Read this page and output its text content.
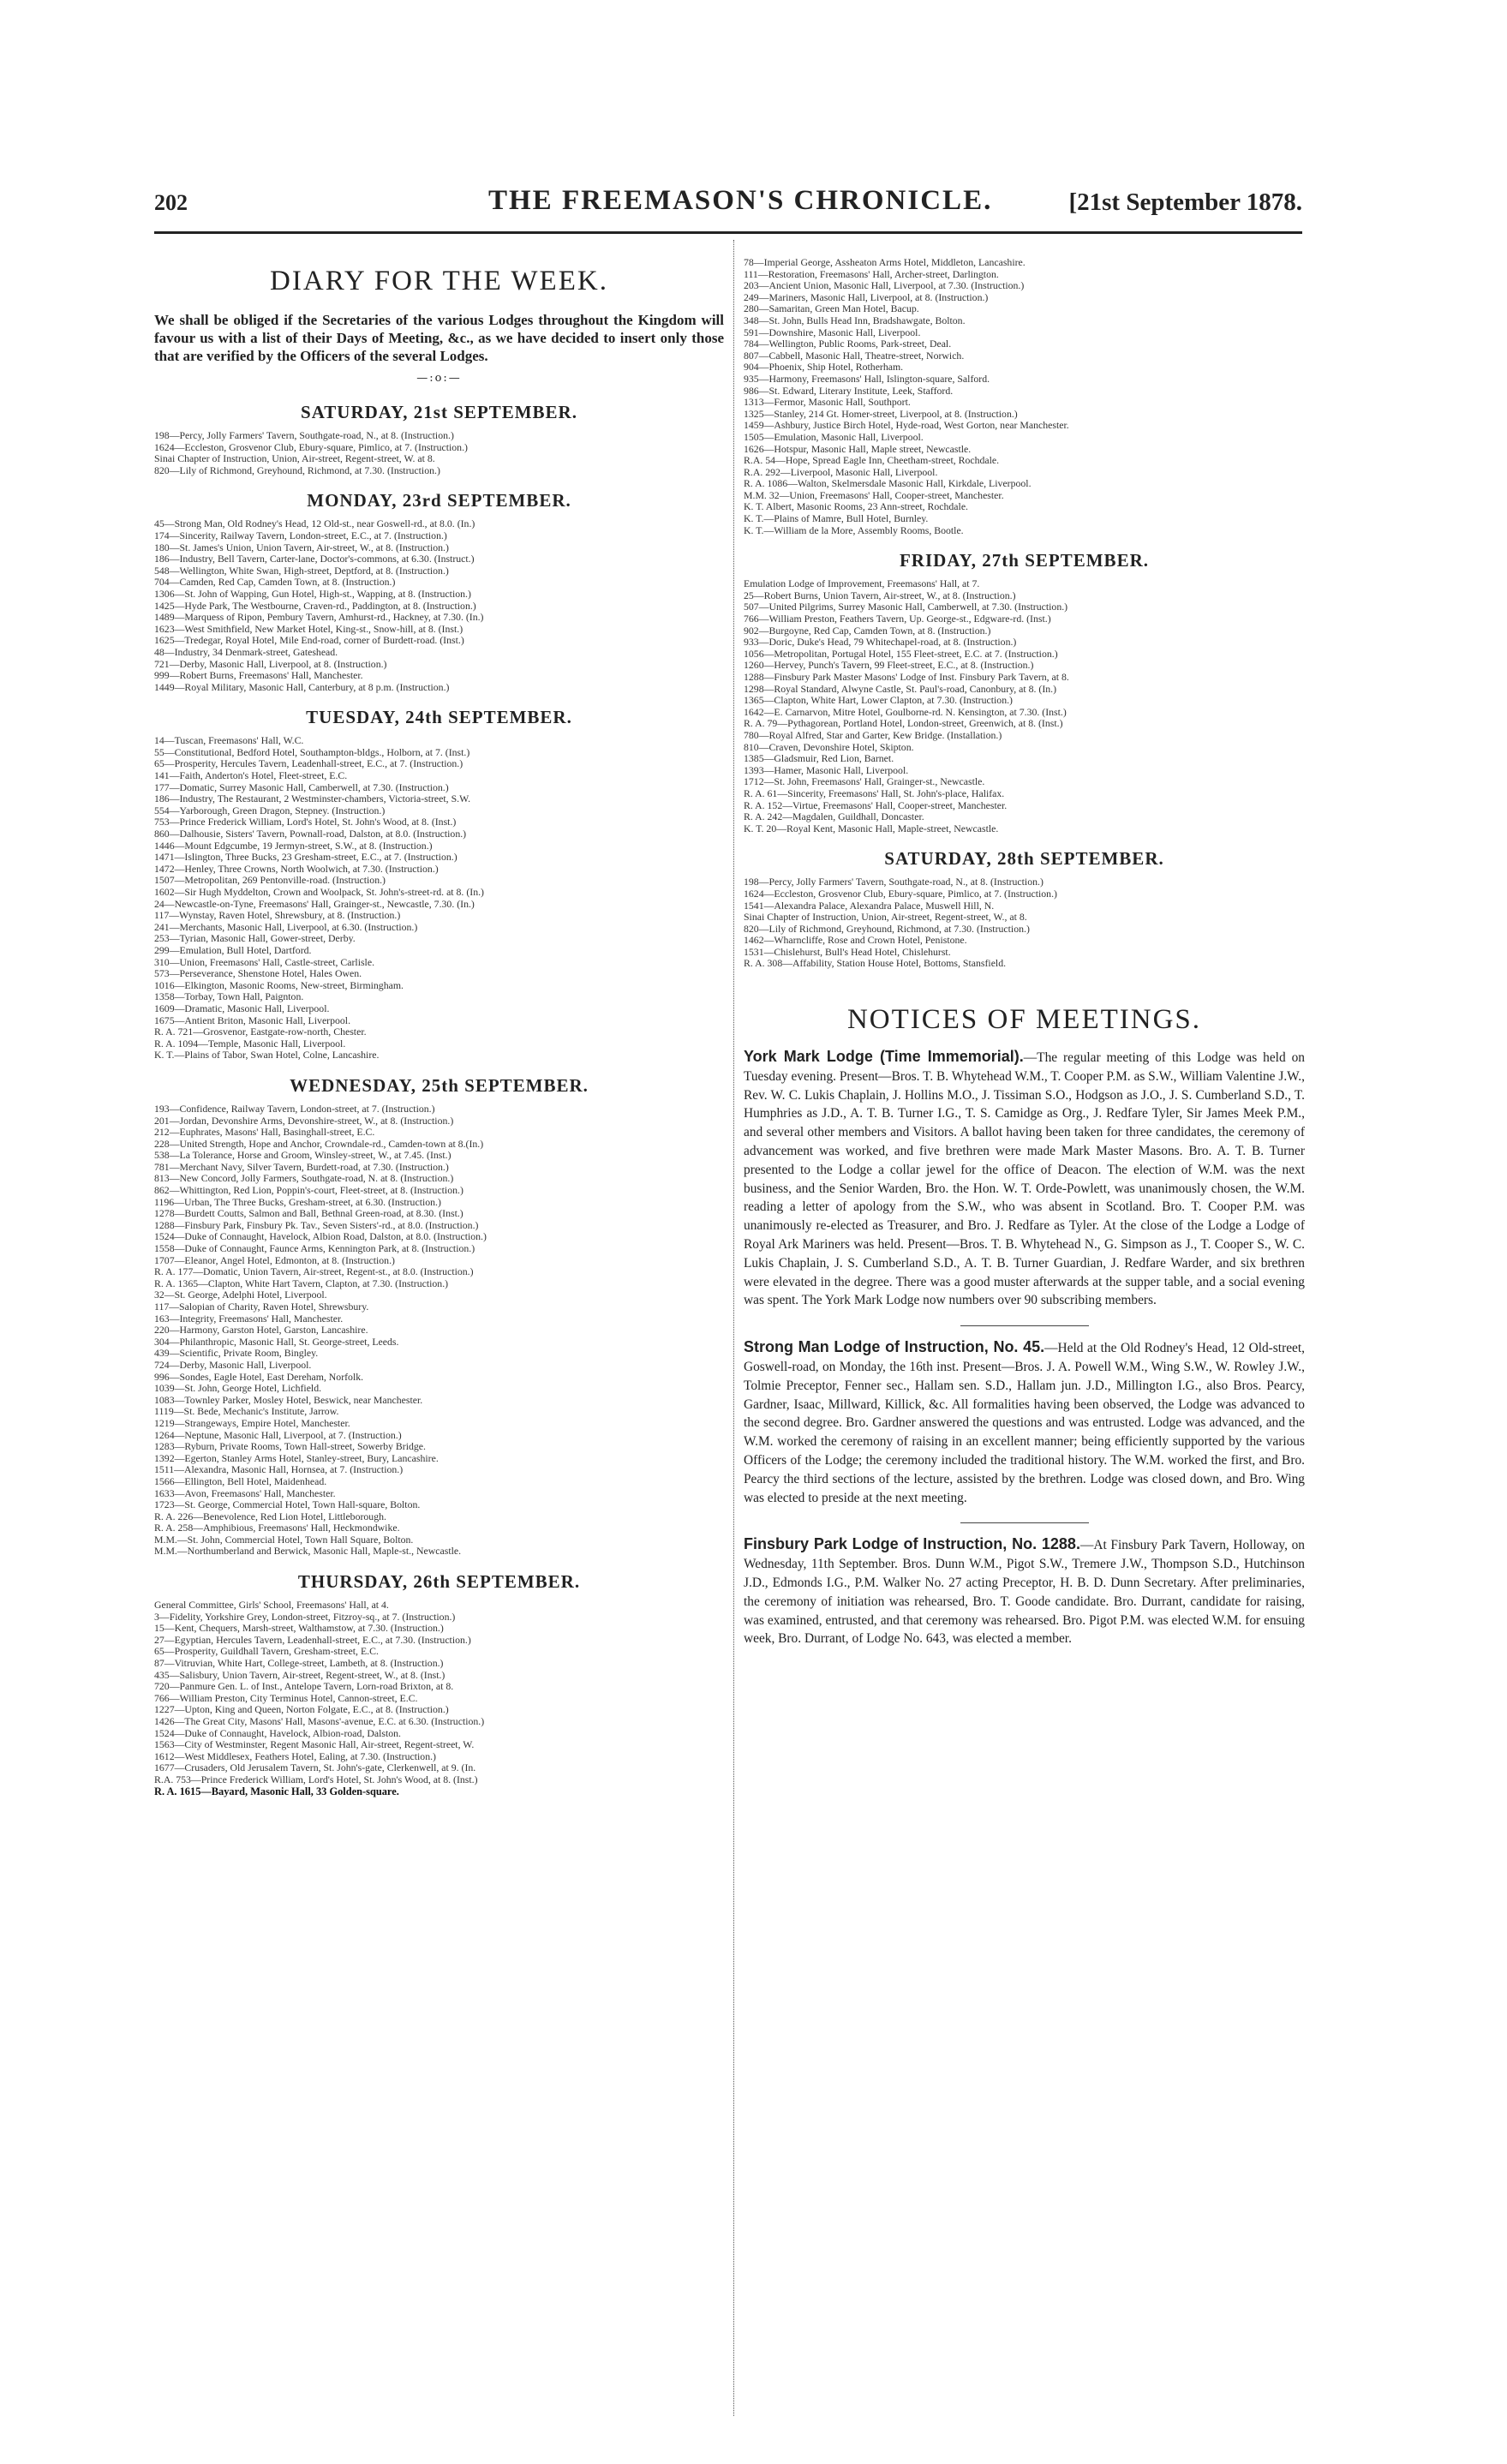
202	THE FREEMASON'S CHRONICLE.	[21st September 1878.
DIARY FOR THE WEEK.

We shall be obliged if the Secretaries of the various Lodges throughout the Kingdom will favour us with a list of their Days of Meeting, &c., as we have decided to insert only those that are verified by the Officers of the several Lodges.

—:o:—
SATURDAY, 21st SEPTEMBER.
198—Percy, Jolly Farmers' Tavern, Southgate-road, N., at 8. (Instruction.)
1624—Eccleston, Grosvenor Club, Ebury-square, Pimlico, at 7. (Instruction.)
Sinai Chapter of Instruction, Union, Air-street, Regent-street, W. at 8.
820—Lily of Richmond, Greyhound, Richmond, at 7.30. (Instruction.)
MONDAY, 23rd SEPTEMBER.
45—Strong Man, Old Rodney's Head, 12 Old-st., near Goswell-rd., at 8.0. (In.)
174—Sincerity, Railway Tavern, London-street, E.C., at 7. (Instruction.)
180—St. James's Union, Union Tavern, Air-street, W., at 8. (Instruction.)
186—Industry, Bell Tavern, Carter-lane, Doctor's-commons, at 6.30. (Instruct.)
548—Wellington, White Swan, High-street, Deptford, at 8. (Instruction.)
704—Camden, Red Cap, Camden Town, at 8. (Instruction.)
1306—St. John of Wapping, Gun Hotel, High-st., Wapping, at 8. (Instruction.)
1425—Hyde Park, The Westbourne, Craven-rd., Paddington, at 8. (Instruction.)
1489—Marquess of Ripon, Pembury Tavern, Amhurst-rd., Hackney, at 7.30. (In.)
1623—West Smithfield, New Market Hotel, King-st., Snow-hill, at 8. (Inst.)
1625—Tredegar, Royal Hotel, Mile End-road, corner of Burdett-road. (Inst.)
48—Industry, 34 Denmark-street, Gateshead.
721—Derby, Masonic Hall, Liverpool, at 8. (Instruction.)
999—Robert Burns, Freemasons' Hall, Manchester.
1449—Royal Military, Masonic Hall, Canterbury, at 8 p.m. (Instruction.)
TUESDAY, 24th SEPTEMBER.
14—Tuscan, Freemasons' Hall, W.C.
55—Constitutional, Bedford Hotel, Southampton-bldgs., Holborn, at 7. (Inst.)
65—Prosperity, Hercules Tavern, Leadenhall-street, E.C., at 7. (Instruction.)
141—Faith, Anderton's Hotel, Fleet-street, E.C.
177—Domatic, Surrey Masonic Hall, Camberwell, at 7.30. (Instruction.)
186—Industry, The Restaurant, 2 Westminster-chambers, Victoria-street, S.W.
554—Yarborough, Green Dragon, Stepney. (Instruction.)
753—Prince Frederick William, Lord's Hotel, St. John's Wood, at 8. (Inst.)
860—Dalhousie, Sisters' Tavern, Pownall-road, Dalston, at 8.0. (Instruction.)
1446—Mount Edgcumbe, 19 Jermyn-street, S.W., at 8. (Instruction.)
1471—Islington, Three Bucks, 23 Gresham-street, E.C., at 7. (Instruction.)
1472—Henley, Three Crowns, North Woolwich, at 7.30. (Instruction.)
1507—Metropolitan, 269 Pentonville-road. (Instruction.)
1602—Sir Hugh Myddelton, Crown and Woolpack, St. John's-street-rd. at 8. (In.)
24—Newcastle-on-Tyne, Freemasons' Hall, Grainger-st., Newcastle, 7.30. (In.)
117—Wynstay, Raven Hotel, Shrewsbury, at 8. (Instruction.)
241—Merchants, Masonic Hall, Liverpool, at 6.30. (Instruction.)
253—Tyrian, Masonic Hall, Gower-street, Derby.
299—Emulation, Bull Hotel, Dartford.
310—Union, Freemasons' Hall, Castle-street, Carlisle.
573—Perseverance, Shenstone Hotel, Hales Owen.
1016—Elkington, Masonic Rooms, New-street, Birmingham.
1358—Torbay, Town Hall, Paignton.
1609—Dramatic, Masonic Hall, Liverpool.
1675—Antient Briton, Masonic Hall, Liverpool.
R. A. 721—Grosvenor, Eastgate-row-north, Chester.
R. A. 1094—Temple, Masonic Hall, Liverpool.
K. T.—Plains of Tabor, Swan Hotel, Colne, Lancashire.
WEDNESDAY, 25th SEPTEMBER.
193—Confidence, Railway Tavern, London-street, at 7. (Instruction.)
201—Jordan, Devonshire Arms, Devonshire-street, W., at 8. (Instruction.)
212—Euphrates, Masons' Hall, Basinghall-street, E.C.
228—United Strength, Hope and Anchor, Crowndale-rd., Camden-town at 8.(In.)
538—La Tolerance, Horse and Groom, Winsley-street, W., at 7.45. (Inst.)
781—Merchant Navy, Silver Tavern, Burdett-road, at 7.30. (Instruction.)
813—New Concord, Jolly Farmers, Southgate-road, N. at 8. (Instruction.)
862—Whittington, Red Lion, Poppin's-court, Fleet-street, at 8. (Instruction.)
1196—Urban, The Three Bucks, Gresham-street, at 6.30. (Instruction.)
1278—Burdett Coutts, Salmon and Ball, Bethnal Green-road, at 8.30. (Inst.)
1288—Finsbury Park, Finsbury Pk. Tav., Seven Sisters'-rd., at 8.0. (Instruction.)
1524—Duke of Connaught, Havelock, Albion Road, Dalston, at 8.0. (Instruction.)
1558—Duke of Connaught, Faunce Arms, Kennington Park, at 8. (Instruction.)
1707—Eleanor, Angel Hotel, Edmonton, at 8. (Instruction.)
R. A. 177—Domatic, Union Tavern, Air-street, Regent-st., at 8.0. (Instruction.)
R. A. 1365—Clapton, White Hart Tavern, Clapton, at 7.30. (Instruction.)
32—St. George, Adelphi Hotel, Liverpool.
117—Salopian of Charity, Raven Hotel, Shrewsbury.
163—Integrity, Freemasons' Hall, Manchester.
220—Harmony, Garston Hotel, Garston, Lancashire.
304—Philanthropic, Masonic Hall, St. George-street, Leeds.
439—Scientific, Private Room, Bingley.
724—Derby, Masonic Hall, Liverpool.
996—Sondes, Eagle Hotel, East Dereham, Norfolk.
1039—St. John, George Hotel, Lichfield.
1083—Townley Parker, Mosley Hotel, Beswick, near Manchester.
1119—St. Bede, Mechanic's Institute, Jarrow.
1219—Strangeways, Empire Hotel, Manchester.
1264—Neptune, Masonic Hall, Liverpool, at 7. (Instruction.)
1283—Ryburn, Private Rooms, Town Hall-street, Sowerby Bridge.
1392—Egerton, Stanley Arms Hotel, Stanley-street, Bury, Lancashire.
1511—Alexandra, Masonic Hall, Hornsea, at 7. (Instruction.)
1566—Ellington, Bell Hotel, Maidenhead.
1633—Avon, Freemasons' Hall, Manchester.
1723—St. George, Commercial Hotel, Town Hall-square, Bolton.
R. A. 226—Benevolence, Red Lion Hotel, Littleborough.
R. A. 258—Amphibious, Freemasons' Hall, Heckmondwike.
M.M.—St. John, Commercial Hotel, Town Hall Square, Bolton.
M.M.—Northumberland and Berwick, Masonic Hall, Maple-st., Newcastle.
THURSDAY, 26th SEPTEMBER.
General Committee, Girls' School, Freemasons' Hall, at 4.
3—Fidelity, Yorkshire Grey, London-street, Fitzroy-sq., at 7. (Instruction.)
15—Kent, Chequers, Marsh-street, Walthamstow, at 7.30. (Instruction.)
27—Egyptian, Hercules Tavern, Leadenhall-street, E.C., at 7.30. (Instruction.)
65—Prosperity, Guildhall Tavern, Gresham-street, E.C.
87—Vitruvian, White Hart, College-street, Lambeth, at 8. (Instruction.)
435—Salisbury, Union Tavern, Air-street, Regent-street, W., at 8. (Inst.)
720—Panmure Gen. L. of Inst., Antelope Tavern, Lorn-road Brixton, at 8.
766—William Preston, City Terminus Hotel, Cannon-street, E.C.
1227—Upton, King and Queen, Norton Folgate, E.C., at 8. (Instruction.)
1426—The Great City, Masons' Hall, Masons'-avenue, E.C. at 6.30. (Instruction.)
1524—Duke of Connaught, Havelock, Albion-road, Dalston.
1563—City of Westminster, Regent Masonic Hall, Air-street, Regent-street, W.
1612—West Middlesex, Feathers Hotel, Ealing, at 7.30. (Instruction.)
1677—Crusaders, Old Jerusalem Tavern, St. John's-gate, Clerkenwell, at 9. (In.
R.A. 753—Prince Frederick William, Lord's Hotel, St. John's Wood, at 8. (Inst.)
R. A. 1615—Bayard, Masonic Hall, 33 Golden-square.
78—Imperial George, Assheaton Arms Hotel, Middleton, Lancashire.
111—Restoration, Freemasons' Hall, Archer-street, Darlington.
203—Ancient Union, Masonic Hall, Liverpool, at 7.30. (Instruction.)
249—Mariners, Masonic Hall, Liverpool, at 8. (Instruction.)
280—Samaritan, Green Man Hotel, Bacup.
348—St. John, Bulls Head Inn, Bradshawgate, Bolton.
591—Downshire, Masonic Hall, Liverpool.
784—Wellington, Public Rooms, Park-street, Deal.
807—Cabbell, Masonic Hall, Theatre-street, Norwich.
904—Phoenix, Ship Hotel, Rotherham.
935—Harmony, Freemasons' Hall, Islington-square, Salford.
986—St. Edward, Literary Institute, Leek, Stafford.
1313—Fermor, Masonic Hall, Southport.
1325—Stanley, 214 Gt. Homer-street, Liverpool, at 8. (Instruction.)
1459—Ashbury, Justice Birch Hotel, Hyde-road, West Gorton, near Manchester.
1505—Emulation, Masonic Hall, Liverpool.
1626—Hotspur, Masonic Hall, Maple street, Newcastle.
R.A. 54—Hope, Spread Eagle Inn, Cheetham-street, Rochdale.
R.A. 292—Liverpool, Masonic Hall, Liverpool.
R. A. 1086—Walton, Skelmersdale Masonic Hall, Kirkdale, Liverpool.
M.M. 32—Union, Freemasons' Hall, Cooper-street, Manchester.
K. T. Albert, Masonic Rooms, 23 Ann-street, Rochdale.
K. T.—Plains of Mamre, Bull Hotel, Burnley.
K. T.—William de la More, Assembly Rooms, Bootle.
FRIDAY, 27th SEPTEMBER.
Emulation Lodge of Improvement, Freemasons' Hall, at 7.
25—Robert Burns, Union Tavern, Air-street, W., at 8. (Instruction.)
507—United Pilgrims, Surrey Masonic Hall, Camberwell, at 7.30. (Instruction.)
766—William Preston, Feathers Tavern, Up. George-st., Edgware-rd. (Inst.)
902—Burgoyne, Red Cap, Camden Town, at 8. (Instruction.)
933—Doric, Duke's Head, 79 Whitechapel-road, at 8. (Instruction.)
1056—Metropolitan, Portugal Hotel, 155 Fleet-street, E.C. at 7. (Instruction.)
1260—Hervey, Punch's Tavern, 99 Fleet-street, E.C., at 8. (Instruction.)
1288—Finsbury Park Master Masons' Lodge of Inst. Finsbury Park Tavern, at 8.
1298—Royal Standard, Alwyne Castle, St. Paul's-road, Canonbury, at 8. (In.)
1365—Clapton, White Hart, Lower Clapton, at 7.30. (Instruction.)
1642—E. Carnarvon, Mitre Hotel, Goulborne-rd. N. Kensington, at 7.30. (Inst.)
R. A. 79—Pythagorean, Portland Hotel, London-street, Greenwich, at 8. (Inst.)
780—Royal Alfred, Star and Garter, Kew Bridge. (Installation.)
810—Craven, Devonshire Hotel, Skipton.
1385—Gladsmuir, Red Lion, Barnet.
1393—Hamer, Masonic Hall, Liverpool.
1712—St. John, Freemasons' Hall, Grainger-st., Newcastle.
R. A. 61—Sincerity, Freemasons' Hall, St. John's-place, Halifax.
R. A. 152—Virtue, Freemasons' Hall, Cooper-street, Manchester.
R. A. 242—Magdalen, Guildhall, Doncaster.
K. T. 20—Royal Kent, Masonic Hall, Maple-street, Newcastle.
SATURDAY, 28th SEPTEMBER.
198—Percy, Jolly Farmers' Tavern, Southgate-road, N., at 8. (Instruction.)
1624—Eccleston, Grosvenor Club, Ebury-square, Pimlico, at 7. (Instruction.)
1541—Alexandra Palace, Alexandra Palace, Muswell Hill, N.
Sinai Chapter of Instruction, Union, Air-street, Regent-street, W., at 8.
820—Lily of Richmond, Greyhound, Richmond, at 7.30. (Instruction.)
1462—Wharncliffe, Rose and Crown Hotel, Penistone.
1531—Chislehurst, Bull's Head Hotel, Chislehurst.
R. A. 308—Affability, Station House Hotel, Bottoms, Stansfield.
NOTICES OF MEETINGS.

York Mark Lodge (Time Immemorial).—The regular meeting of this Lodge was held on Tuesday evening. Present—Bros. T. B. Whytehead W.M., T. Cooper P.M. as S.W., William Valentine J.W., Rev. W. C. Lukis Chaplain, J. Hollins M.O., J. Tissiman S.O., Hodgson as J.O., J. S. Cumberland S.D., T. Humphries as J.D., A. T. B. Turner I.G., T. S. Camidge as Org., J. Redfare Tyler, Sir James Meek P.M., and several other members and Visitors. A ballot having been taken for three candidates, the ceremony of advancement was worked, and five brethren were made Mark Master Masons. Bro. A. T. B. Turner presented to the Lodge a collar jewel for the office of Deacon. The election of W.M. was the next business, and the Senior Warden, Bro. the Hon. W. T. Orde-Powlett, was unanimously chosen, the W.M. reading a letter of apology from the S.W., who was absent in Scotland. Bro. T. Cooper P.M. was unanimously re-elected as Treasurer, and Bro. J. Redfare as Tyler. At the close of the Lodge a Lodge of Royal Ark Mariners was held. Present—Bros. T. B. Whytehead N., G. Simpson as J., T. Cooper S., W. C. Lukis Chaplain, J. S. Cumberland S.D., A. T. B. Turner Guardian, J. Redfare Warder, and six brethren were elevated in the degree. There was a good muster afterwards at the supper table, and a social evening was spent. The York Mark Lodge now numbers over 90 subscribing members.

Strong Man Lodge of Instruction, No. 45.—Held at the Old Rodney's Head, 12 Old-street, Goswell-road, on Monday, the 16th inst. Present—Bros. J. A. Powell W.M., Wing S.W., W. Rowley J.W., Tolmie Preceptor, Fenner sec., Hallam sen. S.D., Hallam jun. J.D., Millington I.G., also Bros. Pearcy, Gardner, Isaac, Millward, Killick, &c. All formalities having been observed, the Lodge was advanced to the second degree. Bro. Gardner answered the questions and was entrusted. Lodge was advanced, and the W.M. worked the ceremony of raising in an excellent manner; being efficiently supported by the various Officers of the Lodge; the ceremony included the traditional history. The W.M. worked the first, and Bro. Pearcy the third sections of the lecture, assisted by the brethren. Lodge was closed down, and Bro. Wing was elected to preside at the next meeting.

Finsbury Park Lodge of Instruction, No. 1288.—At Finsbury Park Tavern, Holloway, on Wednesday, 11th September. Bros. Dunn W.M., Pigot S.W., Tremere J.W., Thompson S.D., Hutchinson J.D., Edmonds I.G., P.M. Walker No. 27 acting Preceptor, H. B. D. Dunn Secretary. After preliminaries, the ceremony of initiation was rehearsed, Bro. T. Goode candidate. Bro. Durrant, candidate for raising, was examined, entrusted, and that ceremony was rehearsed. Bro. Pigot P.M. was elected W.M. for ensuing week, Bro. Durrant, of Lodge No. 643, was elected a member.
